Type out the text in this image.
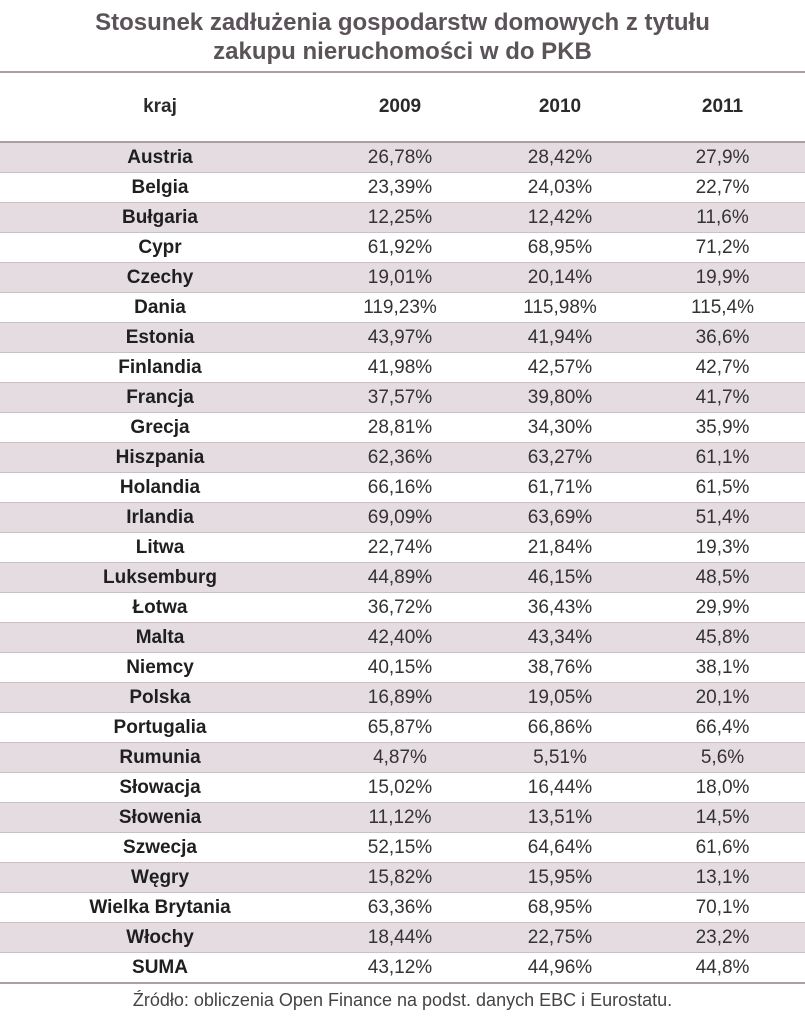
Stosunek zadłużenia gospodarstw domowych z tytułu
zakupu nieruchomości w do PKB
kraj	2009	2010	2011
Austria	26,78%	28,42%	27,9%
Belgia	23,39%	24,03%	22,7%
Bułgaria	12,25%	12,42%	11,6%
Cypr	61,92%	68,95%	71,2%
Czechy	19,01%	20,14%	19,9%
Dania	119,23%	115,98%	115,4%
Estonia	43,97%	41,94%	36,6%
Finlandia	41,98%	42,57%	42,7%
Francja	37,57%	39,80%	41,7%
Grecja	28,81%	34,30%	35,9%
Hiszpania	62,36%	63,27%	61,1%
Holandia	66,16%	61,71%	61,5%
Irlandia	69,09%	63,69%	51,4%
Litwa	22,74%	21,84%	19,3%
Luksemburg	44,89%	46,15%	48,5%
Łotwa	36,72%	36,43%	29,9%
Malta	42,40%	43,34%	45,8%
Niemcy	40,15%	38,76%	38,1%
Polska	16,89%	19,05%	20,1%
Portugalia	65,87%	66,86%	66,4%
Rumunia	4,87%	5,51%	5,6%
Słowacja	15,02%	16,44%	18,0%
Słowenia	11,12%	13,51%	14,5%
Szwecja	52,15%	64,64%	61,6%
Węgry	15,82%	15,95%	13,1%
Wielka Brytania	63,36%	68,95%	70,1%
Włochy	18,44%	22,75%	23,2%
SUMA	43,12%	44,96%	44,8%
Źródło: obliczenia Open Finance na podst. danych EBC i Eurostatu.
